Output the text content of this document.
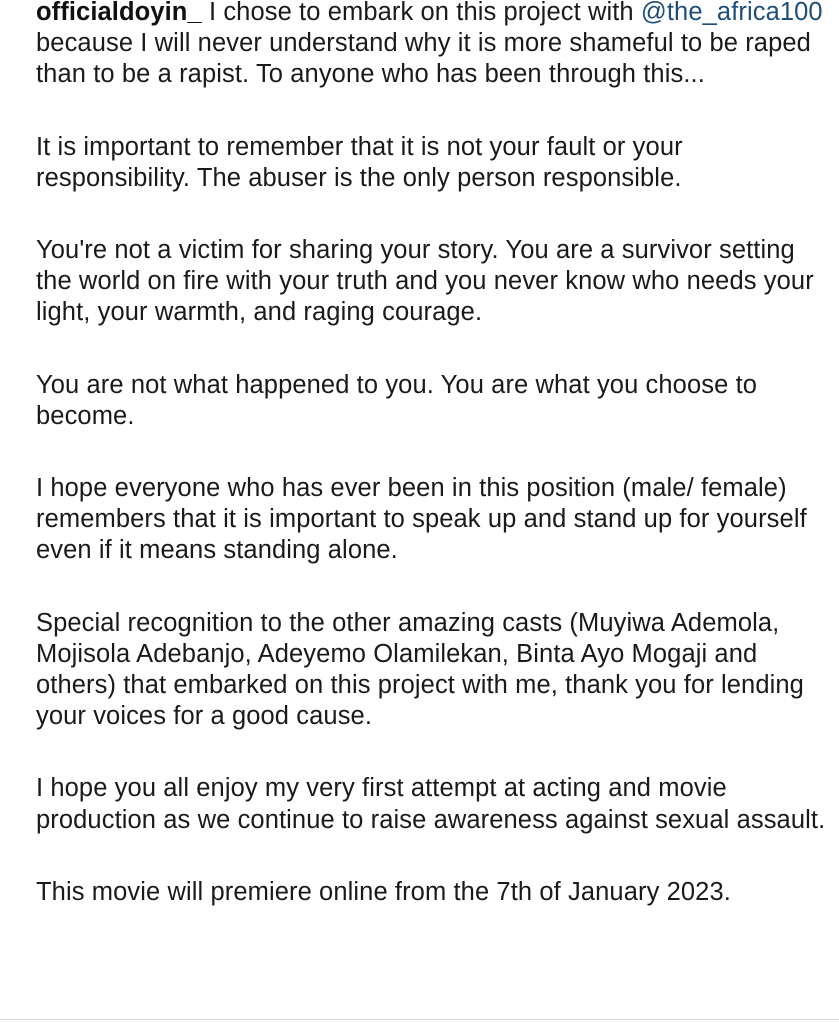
officialdoyin_ I chose to embark on this project with @the_africa100 because I will never understand why it is more shameful to be raped than to be a rapist. To anyone who has been through this...

It is important to remember that it is not your fault or your responsibility. The abuser is the only person responsible.

You're not a victim for sharing your story. You are a survivor setting the world on fire with your truth and you never know who needs your light, your warmth, and raging courage.

You are not what happened to you. You are what you choose to become.

I hope everyone who has ever been in this position (male/ female) remembers that it is important to speak up and stand up for yourself even if it means standing alone.

Special recognition to the other amazing casts (Muyiwa Ademola, Mojisola Adebanjo, Adeyemo Olamilekan, Binta Ayo Mogaji and others) that embarked on this project with me, thank you for lending your voices for a good cause.

I hope you all enjoy my very first attempt at acting and movie production as we continue to raise awareness against sexual assault.

This movie will premiere online from the 7th of January 2023.
